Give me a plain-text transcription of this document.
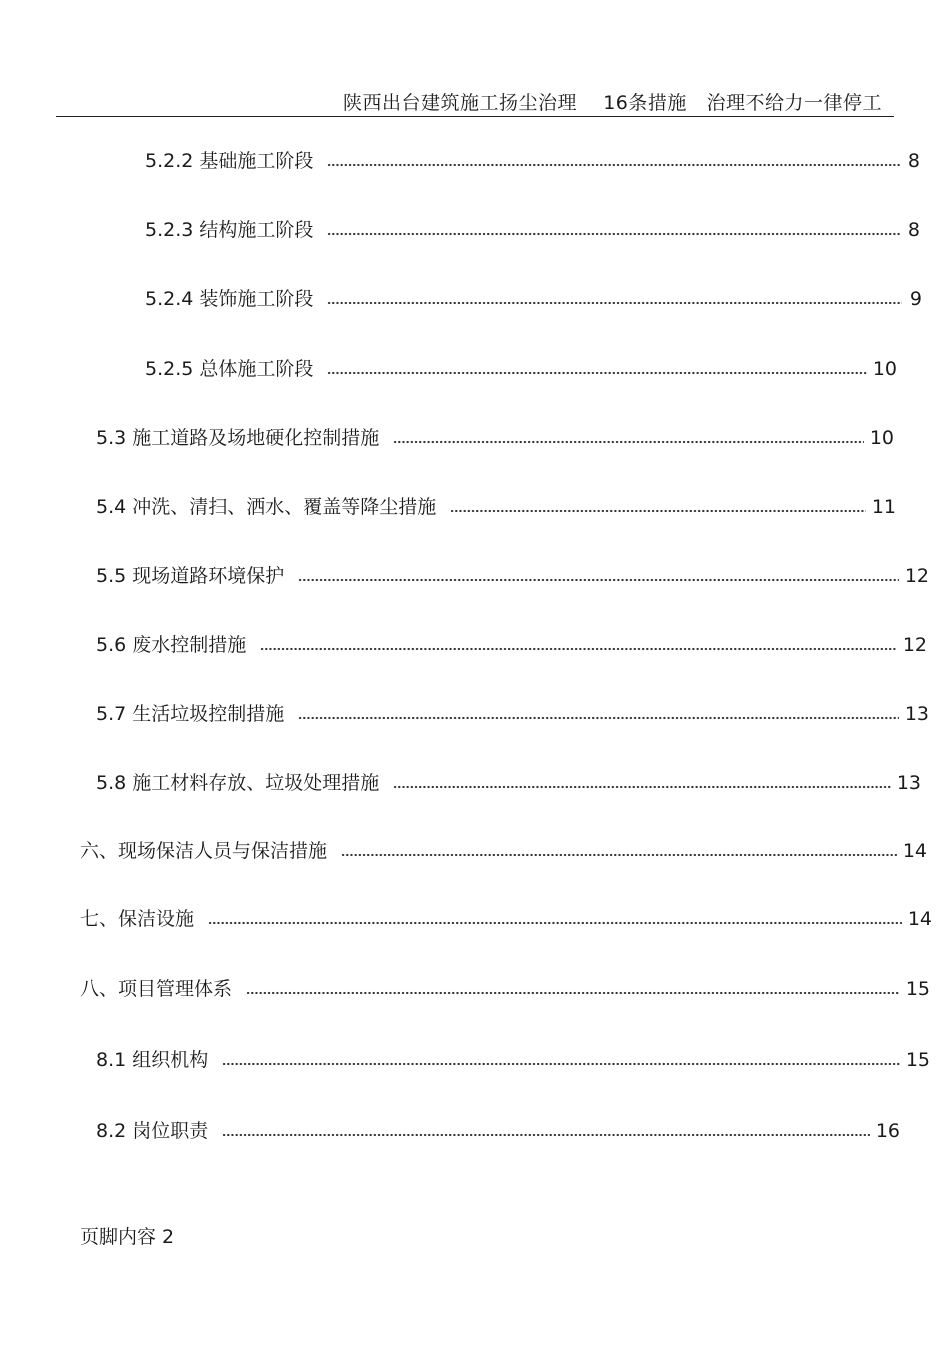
陕西出台建筑施工扬尘治理    16条措施   治理不给力一律停工
5.2.2 基础施工阶段	8
5.2.3 结构施工阶段	8
5.2.4 装饰施工阶段	9
5.2.5 总体施工阶段	10
5.3 施工道路及场地硬化控制措施	10
5.4 冲洗、清扫、洒水、覆盖等降尘措施	11
5.5 现场道路环境保护	12
5.6 废水控制措施	12
5.7 生活垃圾控制措施	13
5.8 施工材料存放、垃圾处理措施	13
六、现场保洁人员与保洁措施	14
七、保洁设施	14
八、项目管理体系	15
8.1 组织机构	15
8.2 岗位职责	16
页脚内容 2
